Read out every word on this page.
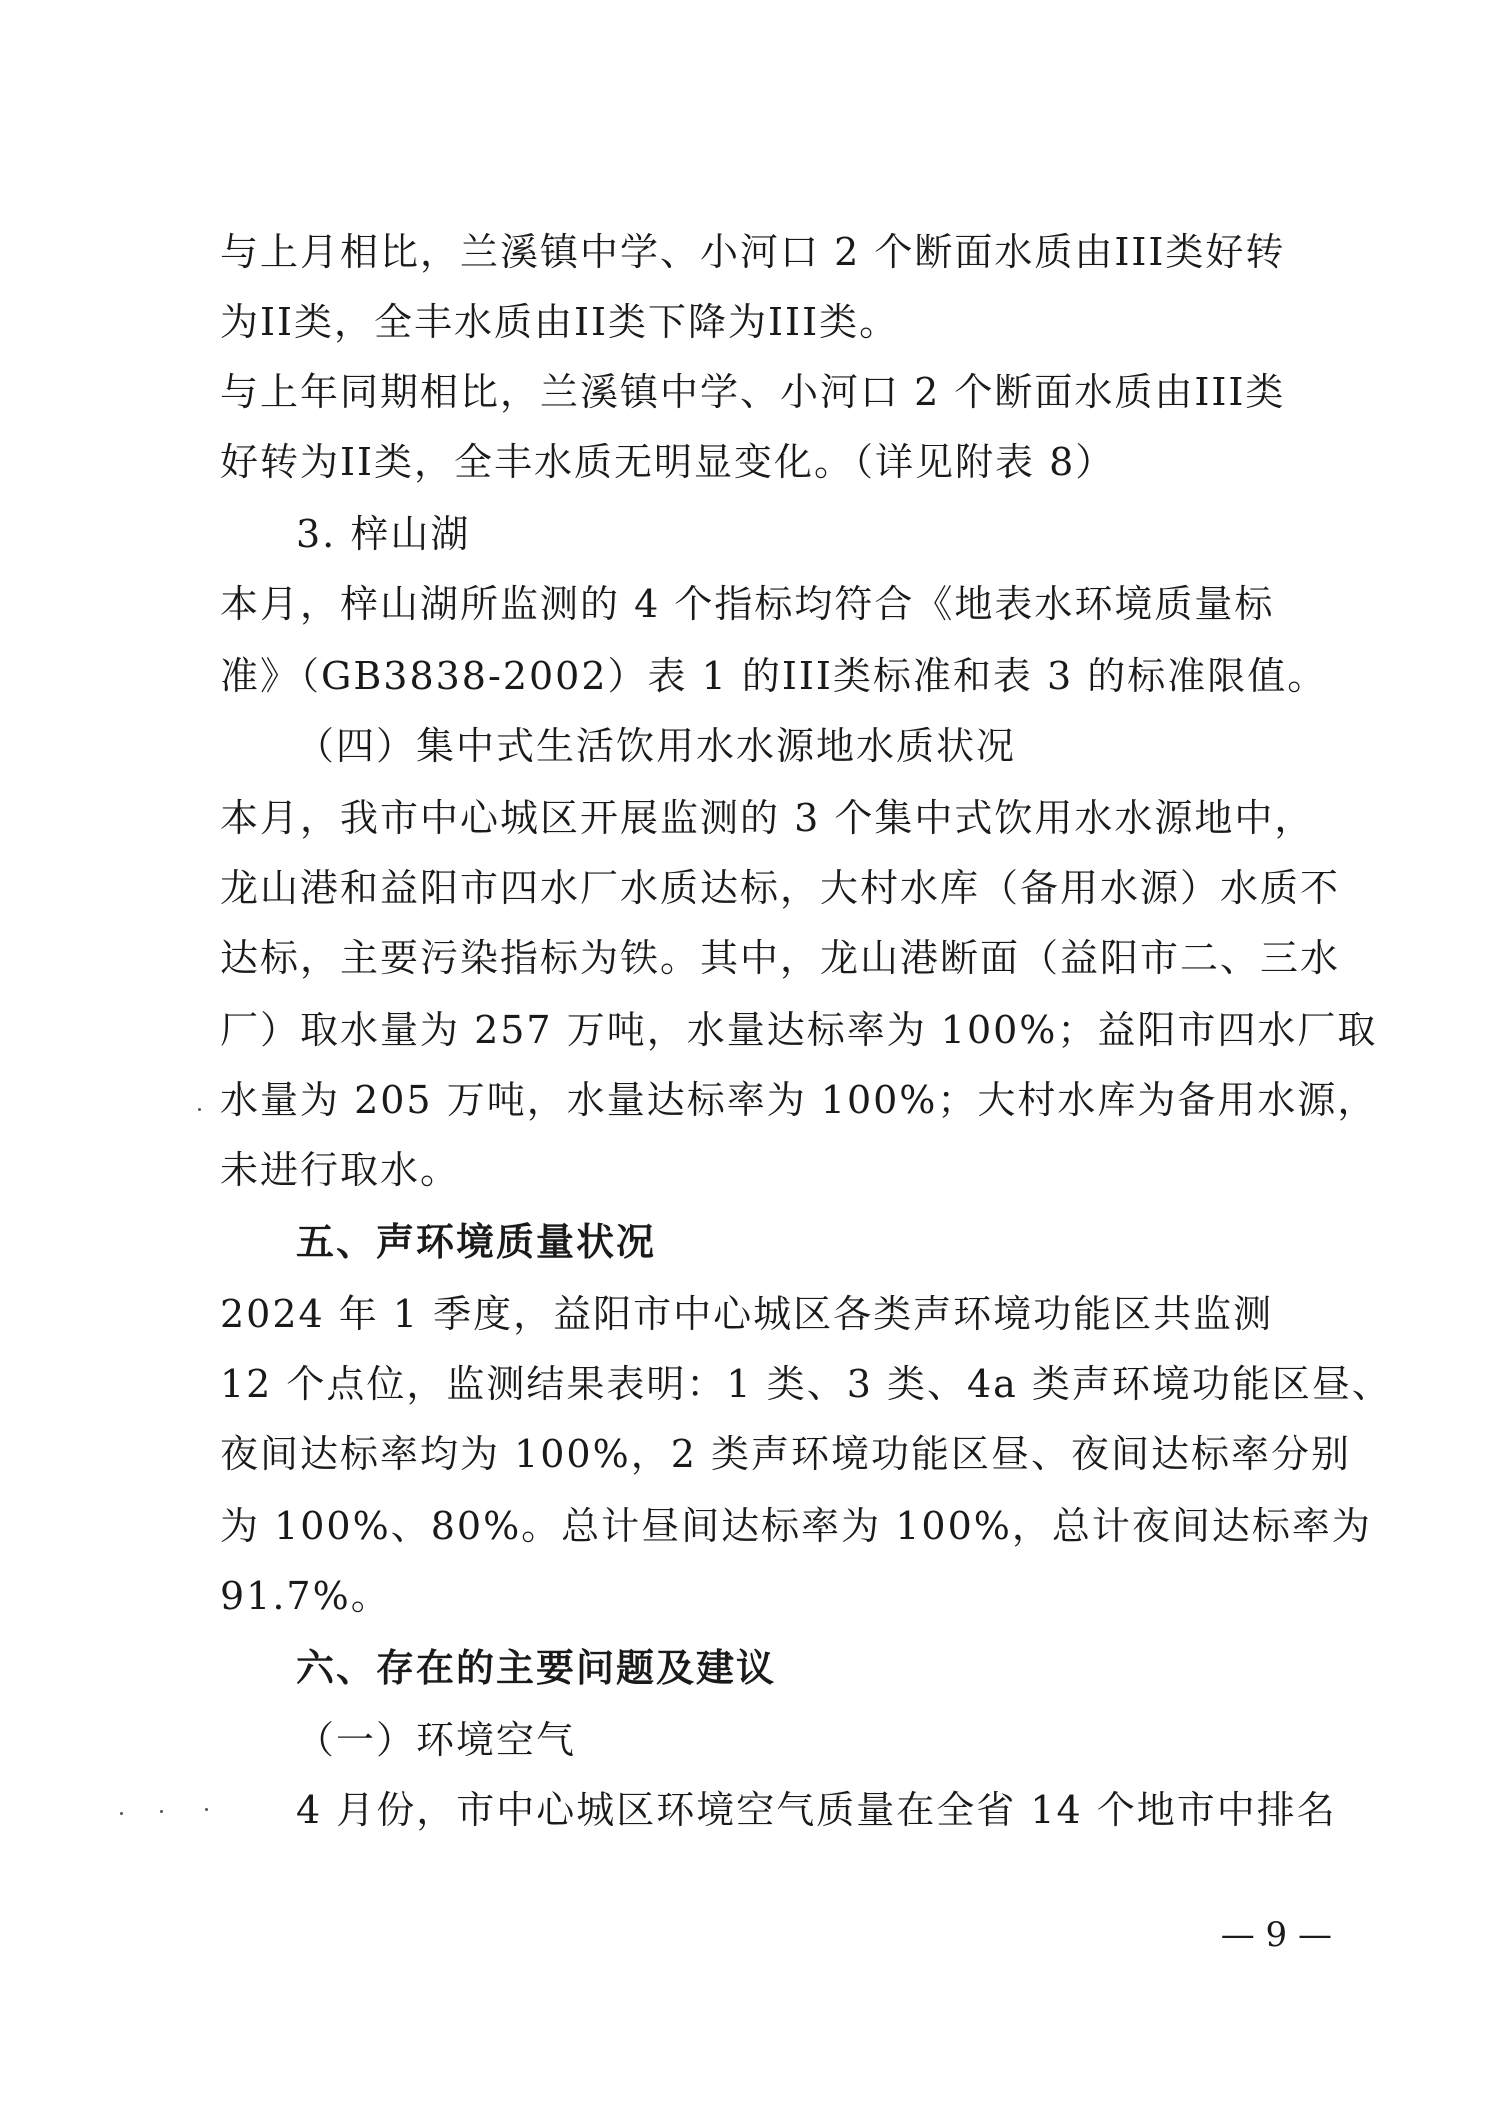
与上月相比，兰溪镇中学、小河口 2 个断面水质由III类好转
为II类，全丰水质由II类下降为III类。
与上年同期相比，兰溪镇中学、小河口 2 个断面水质由III类
好转为II类，全丰水质无明显变化。（详见附表 8）
3. 梓山湖
本月，梓山湖所监测的 4 个指标均符合《地表水环境质量标
准》（GB3838-2002）表 1 的III类标准和表 3 的标准限值。
（四）集中式生活饮用水水源地水质状况
本月，我市中心城区开展监测的 3 个集中式饮用水水源地中，
龙山港和益阳市四水厂水质达标，大村水库（备用水源）水质不
达标，主要污染指标为铁。其中，龙山港断面（益阳市二、三水
厂）取水量为 257 万吨，水量达标率为 100%；益阳市四水厂取
水量为 205 万吨，水量达标率为 100%；大村水库为备用水源，
未进行取水。
五、声环境质量状况
2024 年 1 季度，益阳市中心城区各类声环境功能区共监测
12 个点位，监测结果表明：1 类、3 类、4a 类声环境功能区昼、
夜间达标率均为 100%，2 类声环境功能区昼、夜间达标率分别
为 100%、80%。总计昼间达标率为 100%，总计夜间达标率为
91.7%。
六、存在的主要问题及建议
（一）环境空气
4 月份，市中心城区环境空气质量在全省 14 个地市中排名
— 9 —
